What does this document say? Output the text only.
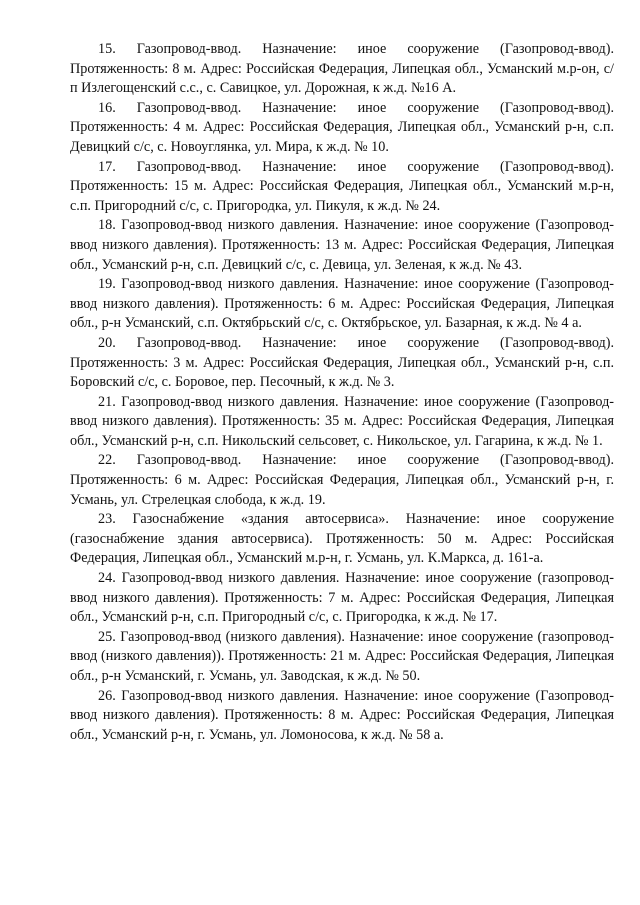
15. Газопровод-ввод. Назначение: иное сооружение (Газопровод-ввод). Протяженность: 8 м. Адрес: Российская Федерация, Липецкая обл., Усманский м.р-он, с/п Излегощенский с.с., с. Савицкое, ул. Дорожная, к ж.д. №16 А.

16. Газопровод-ввод. Назначение: иное сооружение (Газопровод-ввод). Протяженность: 4 м. Адрес: Российская Федерация, Липецкая обл., Усманский р-н, с.п. Девицкий с/с, с. Новоуглянка, ул. Мира, к ж.д. № 10.

17. Газопровод-ввод. Назначение: иное сооружение (Газопровод-ввод). Протяженность: 15 м. Адрес: Российская Федерация, Липецкая обл., Усманский м.р-н, с.п. Пригородний с/с, с. Пригородка, ул. Пикуля, к ж.д. № 24.

18. Газопровод-ввод низкого давления. Назначение: иное сооружение (Газопровод-ввод низкого давления). Протяженность: 13 м. Адрес: Российская Федерация, Липецкая обл., Усманский р-н, с.п. Девицкий с/с, с. Девица, ул. Зеленая, к ж.д. № 43.

19. Газопровод-ввод низкого давления. Назначение: иное сооружение (Газопровод-ввод низкого давления). Протяженность: 6 м. Адрес: Российская Федерация, Липецкая обл., р-н Усманский, с.п. Октябрьский с/с, с. Октябрьское, ул. Базарная, к ж.д. № 4 а.

20. Газопровод-ввод. Назначение: иное сооружение (Газопровод-ввод). Протяженность: 3 м. Адрес: Российская Федерация, Липецкая обл., Усманский р-н, с.п. Боровский с/с, с. Боровое, пер. Песочный, к ж.д. № 3.

21. Газопровод-ввод низкого давления. Назначение: иное сооружение (Газопровод-ввод низкого давления). Протяженность: 35 м. Адрес: Российская Федерация, Липецкая обл., Усманский р-н, с.п. Никольский сельсовет, с. Никольское, ул. Гагарина, к ж.д. № 1.

22. Газопровод-ввод. Назначение: иное сооружение (Газопровод-ввод). Протяженность: 6 м. Адрес: Российская Федерация, Липецкая обл., Усманский р-н, г. Усмань, ул. Стрелецкая слобода, к ж.д. 19.

23. Газоснабжение «здания автосервиса». Назначение: иное сооружение (газоснабжение здания автосервиса). Протяженность: 50 м. Адрес: Российская Федерация, Липецкая обл., Усманский м.р-н, г. Усмань, ул. К.Маркса, д. 161-а.

24. Газопровод-ввод низкого давления. Назначение: иное сооружение (газопровод-ввод низкого давления). Протяженность: 7 м. Адрес: Российская Федерация, Липецкая обл., Усманский р-н, с.п. Пригородный с/с, с. Пригородка, к ж.д. № 17.

25. Газопровод-ввод (низкого давления). Назначение: иное сооружение (газопровод-ввод (низкого давления)). Протяженность: 21 м. Адрес: Российская Федерация, Липецкая обл., р-н Усманский, г. Усмань, ул. Заводская, к ж.д. № 50.

26. Газопровод-ввод низкого давления. Назначение: иное сооружение (Газопровод-ввод низкого давления). Протяженность: 8 м. Адрес: Российская Федерация, Липецкая обл., Усманский р-н, г. Усмань, ул. Ломоносова, к ж.д. № 58 а.
